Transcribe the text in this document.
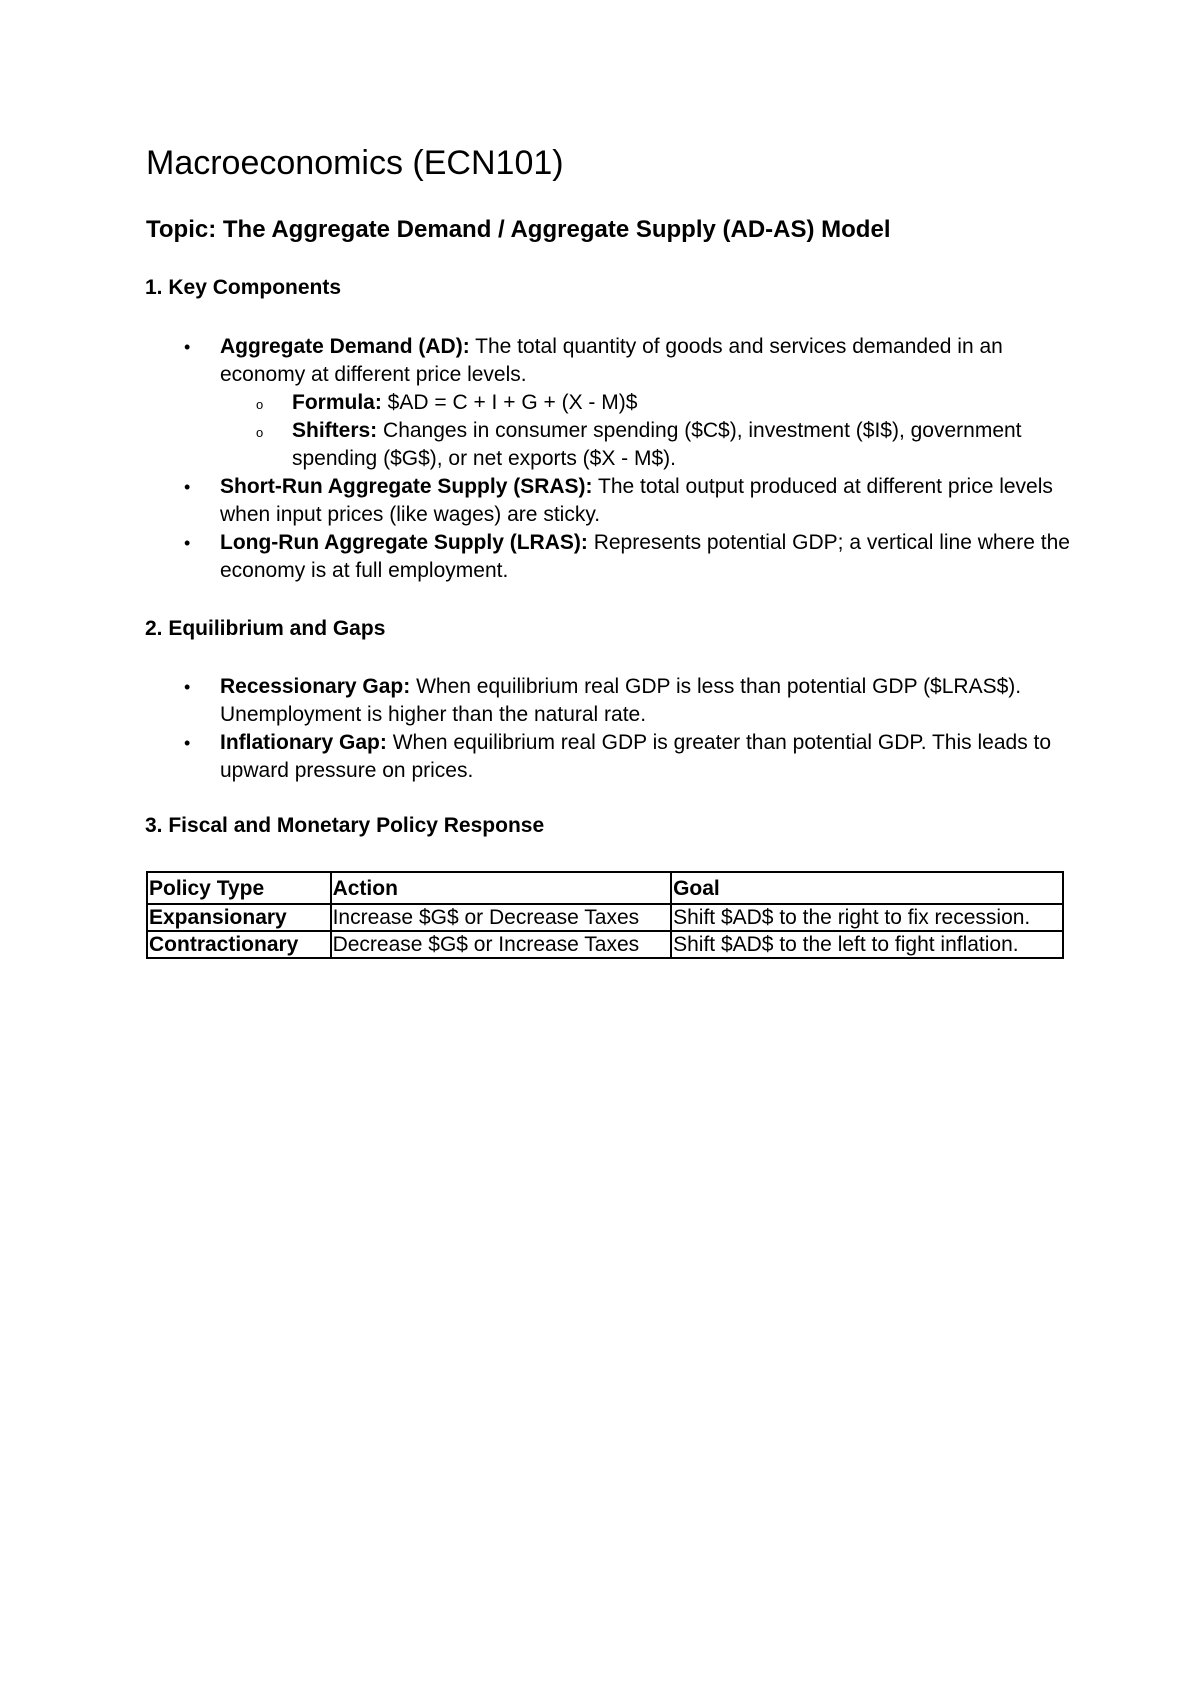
Macroeconomics (ECN101)
Topic: The Aggregate Demand / Aggregate Supply (AD-AS) Model
1. Key Components
• Aggregate Demand (AD): The total quantity of goods and services demanded in an economy at different price levels.
o Formula: $AD = C + I + G + (X - M)$
o Shifters: Changes in consumer spending ($C$), investment ($I$), government spending ($G$), or net exports ($X - M$).
• Short-Run Aggregate Supply (SRAS): The total output produced at different price levels when input prices (like wages) are sticky.
• Long-Run Aggregate Supply (LRAS): Represents potential GDP; a vertical line where the economy is at full employment.
2. Equilibrium and Gaps
• Recessionary Gap: When equilibrium real GDP is less than potential GDP ($LRAS$). Unemployment is higher than the natural rate.
• Inflationary Gap: When equilibrium real GDP is greater than potential GDP. This leads to upward pressure on prices.
3. Fiscal and Monetary Policy Response
Policy Type	Action	Goal
Expansionary	Increase $G$ or Decrease Taxes	Shift $AD$ to the right to fix recession.
Contractionary	Decrease $G$ or Increase Taxes	Shift $AD$ to the left to fight inflation.
